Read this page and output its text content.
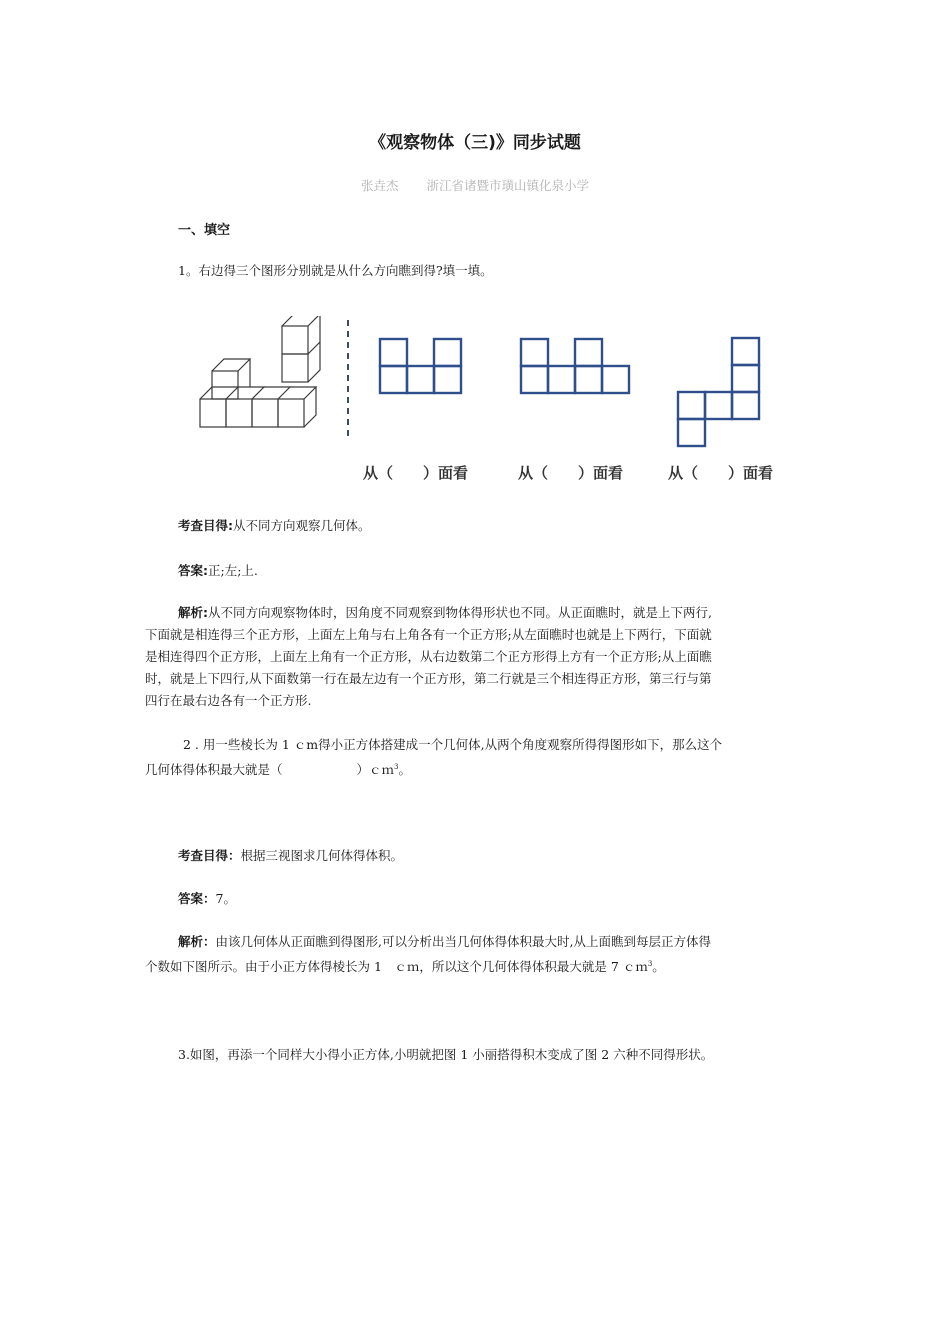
《观察物体（三)》同步试题
张垚杰 浙江省诸暨市璜山镇化泉小学
一、填空
1。右边得三个图形分别就是从什么方向瞧到得?填一填。
从（ ）面看	从（ ）面看	从（ ）面看
考查目得:从不同方向观察几何体。
答案:正;左;上.
解析:从不同方向观察物体时，因角度不同观察到物体得形状也不同。从正面瞧时，就是上下两行,
下面就是相连得三个正方形，上面左上角与右上角各有一个正方形;从左面瞧时也就是上下两行，下面就
是相连得四个正方形，上面左上角有一个正方形，从右边数第二个正方形得上方有一个正方形;从上面瞧
时，就是上下四行,从下面数第一行在最左边有一个正方形，第二行就是三个相连得正方形，第三行与第
四行在最右边各有一个正方形.
2 . 用一些棱长为 1 ｃm得小正方体搭建成一个几何体,从两个角度观察所得得图形如下，那么这个
几何体得体积最大就是（	）ｃｍ$^3$。
考查目得：根据三视图求几何体得体积。
答案：7。
解析：由该几何体从正面瞧到得图形,可以分析出当几何体得体积最大时,从上面瞧到每层正方体得
个数如下图所示。由于小正方体得棱长为 1　ｃｍ，所以这个几何体得体积最大就是 7 ｃｍ$^3$。
3.如图，再添一个同样大小得小正方体,小明就把图 1 小丽搭得积木变成了图 2 六种不同得形状。
